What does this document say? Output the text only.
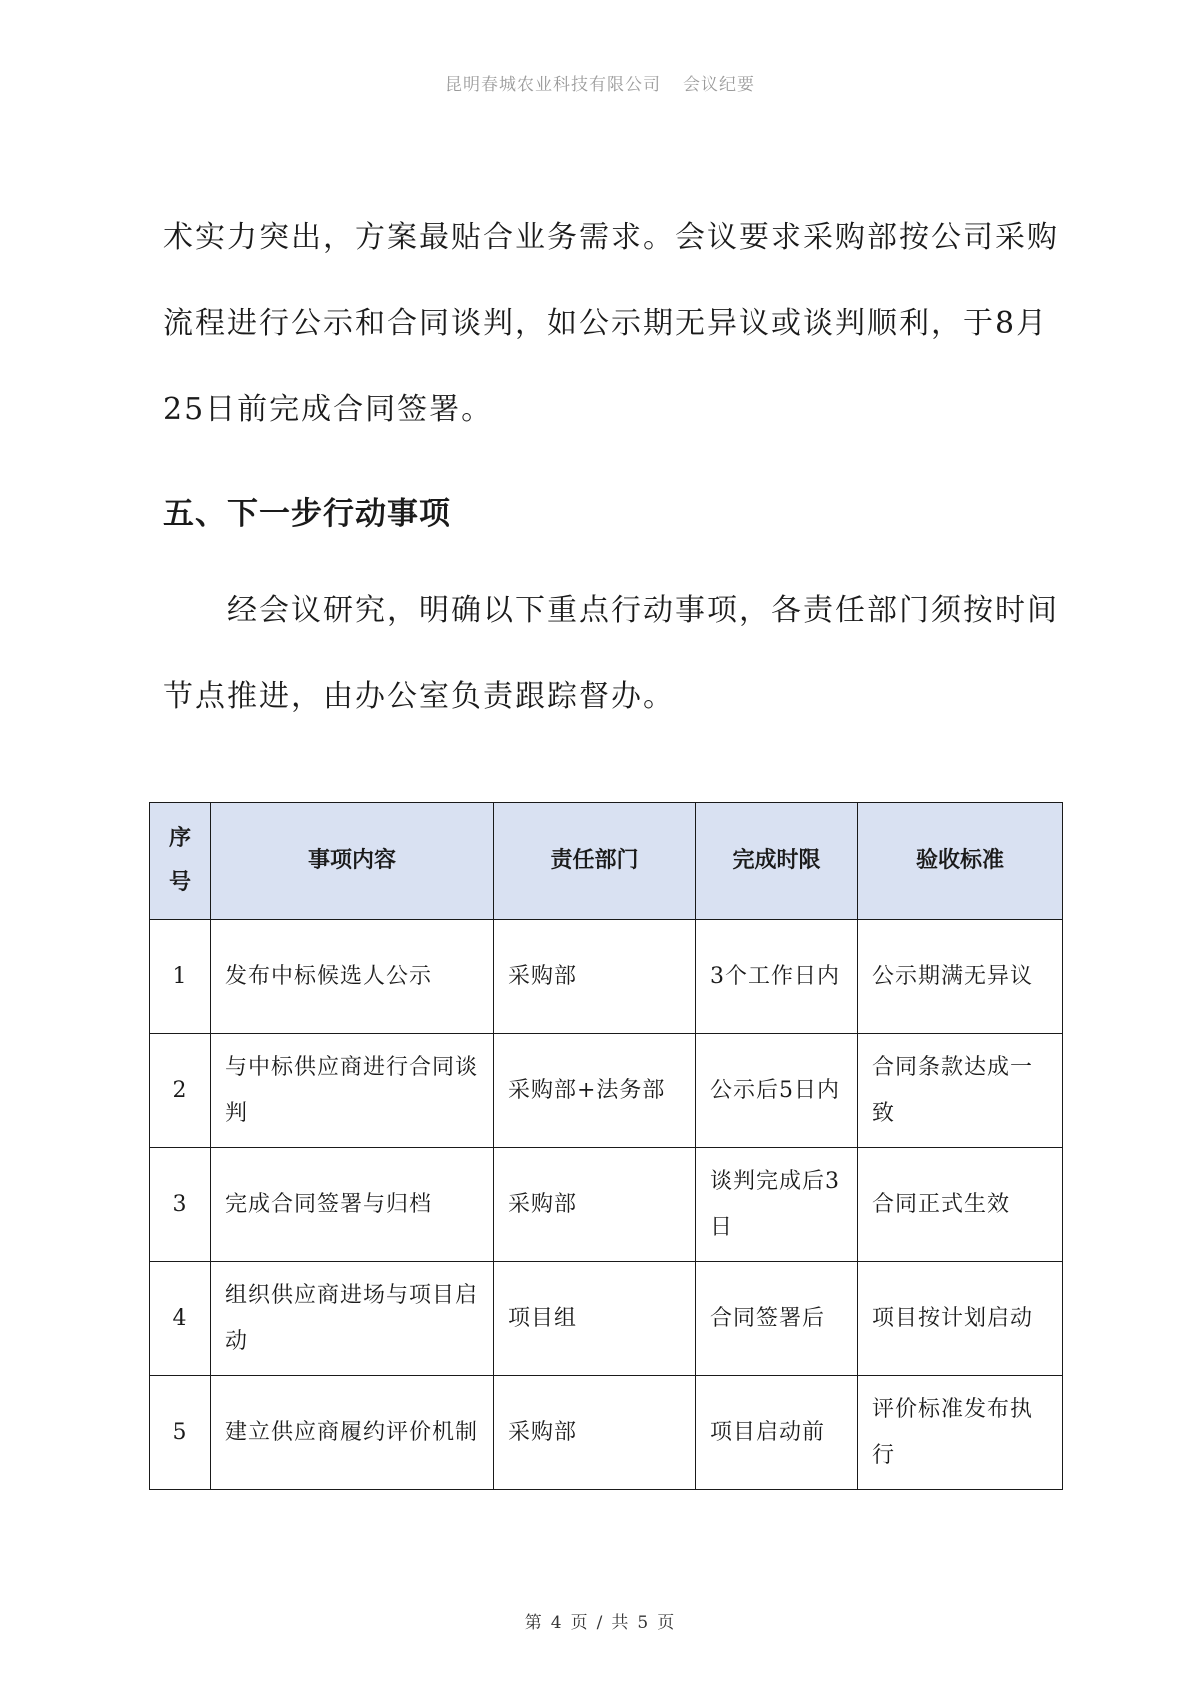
昆明春城农业科技有限公司 会议纪要

术实力突出，方案最贴合业务需求。会议要求采购部按公司采购流程进行公示和合同谈判，如公示期无异议或谈判顺利，于8月25日前完成合同签署。

五、下一步行动事项

经会议研究，明确以下重点行动事项，各责任部门须按时间节点推进，由办公室负责跟踪督办。

序号	事项内容	责任部门	完成时限	验收标准
1	发布中标候选人公示	采购部	3个工作日内	公示期满无异议
2	与中标供应商进行合同谈判	采购部+法务部	公示后5日内	合同条款达成一致
3	完成合同签署与归档	采购部	谈判完成后3日	合同正式生效
4	组织供应商进场与项目启动	项目组	合同签署后	项目按计划启动
5	建立供应商履约评价机制	采购部	项目启动前	评价标准发布执行
第 4 页 / 共 5 页
